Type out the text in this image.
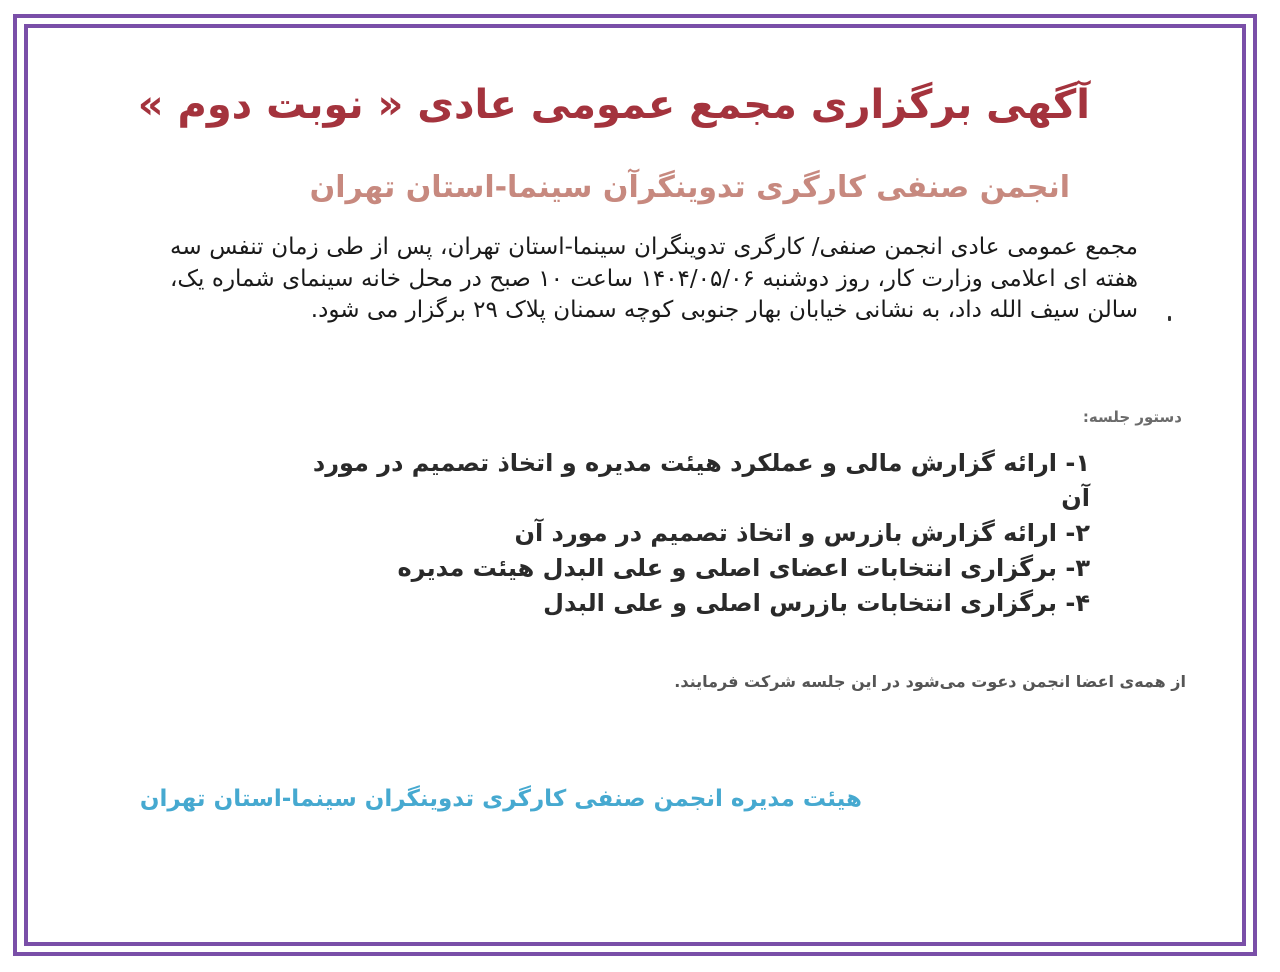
آگهی برگزاری مجمع عمومی عادی « نوبت دوم »
انجمن صنفی کارگری تدوینگرآن سینما-استان تهران
مجمع عمومی عادی انجمن صنفی/ کارگری تدوینگران سینما-استان تهران، پس از طی زمان تنفس سه هفته ای اعلامی وزارت کار، روز دوشنبه ۱۴۰۴/۰۵/۰۶ ساعت ۱۰ صبح در محل خانه سینمای شماره یک، سالن سیف الله داد، به نشانی خیابان بهار جنوبی کوچه سمنان پلاک ۲۹ برگزار می شود.
دستور جلسه:
۱- ارائه گزارش مالی و عملکرد هیئت مدیره و اتخاذ تصمیم در مورد آن
۲- ارائه گزارش بازرس و اتخاذ تصمیم در مورد آن
۳- برگزاری انتخابات اعضای اصلی و علی البدل هیئت مدیره
۴- برگزاری انتخابات بازرس اصلی و علی البدل
از همه‌ی اعضا انجمن دعوت می‌شود در این جلسه شرکت فرمایند.
هیئت مدیره انجمن صنفی کارگری تدوینگران سینما-استان تهران
